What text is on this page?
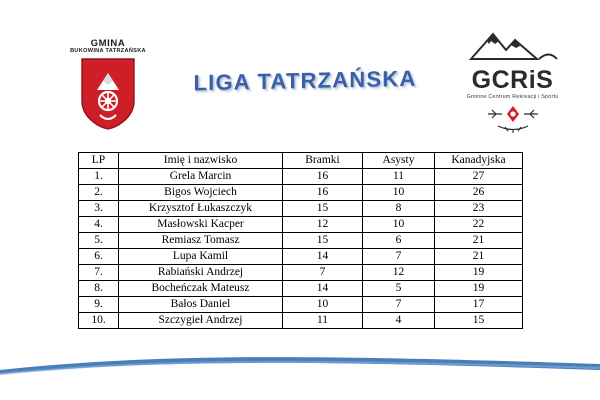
GMINA
BUKOWINA TATRZAŃSKA
LIGA TATRZAŃSKA	GCRiS
Gminne Centrum Rekreacji i Sportu
LP	Imię i nazwisko	Bramki	Asysty	Kanadyjska
1.	Grela Marcin	16	11	27
2.	Bigos Wojciech	16	10	26
3.	Krzysztof Łukaszczyk	15	8	23
4.	Masłowski Kacper	12	10	22
5.	Remiasz Tomasz	15	6	21
6.	Lupa Kamil	14	7	21
7.	Rabiański Andrzej	7	12	19
8.	Bocheńczak Mateusz	14	5	19
9.	Bałos Daniel	10	7	17
10.	Szczygieł Andrzej	11	4	15
